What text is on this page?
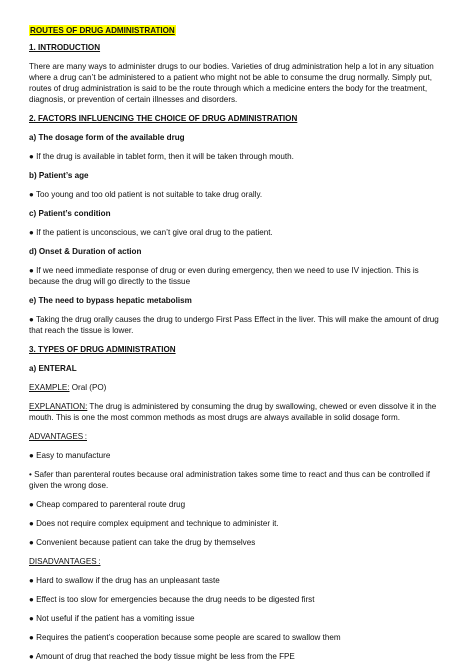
ROUTES OF DRUG ADMINISTRATION

1. INTRODUCTION

There are many ways to administer drugs to our bodies. Varieties of drug administration help a lot in any situation where a drug can’t be administered to a patient who might not be able to consume the drug normally. Simply put, routes of drug administration is said to be the route through which a medicine enters the body for the treatment, diagnosis, or prevention of certain illnesses and disorders.

2. FACTORS INFLUENCING THE CHOICE OF DRUG ADMINISTRATION

a) The dosage form of the available drug

● If the drug is available in tablet form, then it will be taken through mouth.

b) Patient’s age

● Too young and too old patient is not suitable to take drug orally.

c) Patient’s condition

● If the patient is unconscious, we can’t give oral drug to the patient.

d) Onset & Duration of action

● If we need immediate response of drug or even during emergency, then we need to use IV injection. This is because the drug will go directly to the tissue

e) The need to bypass hepatic metabolism

● Taking the drug orally causes the drug to undergo First Pass Effect in the liver. This will make the amount of drug that reach the tissue is lower.

3. TYPES OF DRUG ADMINISTRATION

a) ENTERAL

EXAMPLE: Oral (PO)

EXPLANATION: The drug is administered by consuming the drug by swallowing, chewed or even dissolve it in the mouth. This is one the most common methods as most drugs are always available in solid dosage form.

ADVANTAGES :

● Easy to manufacture

• Safer than parenteral routes because oral administration takes some time to react and thus can be controlled if given the wrong dose.

● Cheap compared to parenteral route drug

● Does not require complex equipment and technique to administer it.

● Convenient because patient can take the drug by themselves

DISADVANTAGES :

● Hard to swallow if the drug has an unpleasant taste

● Effect is too slow for emergencies because the drug needs to be digested first

● Not useful if the patient has a vomiting issue

● Requires the patient’s cooperation because some people are scared to swallow them

● Amount of drug that reached the body tissue might be less from the FPE
